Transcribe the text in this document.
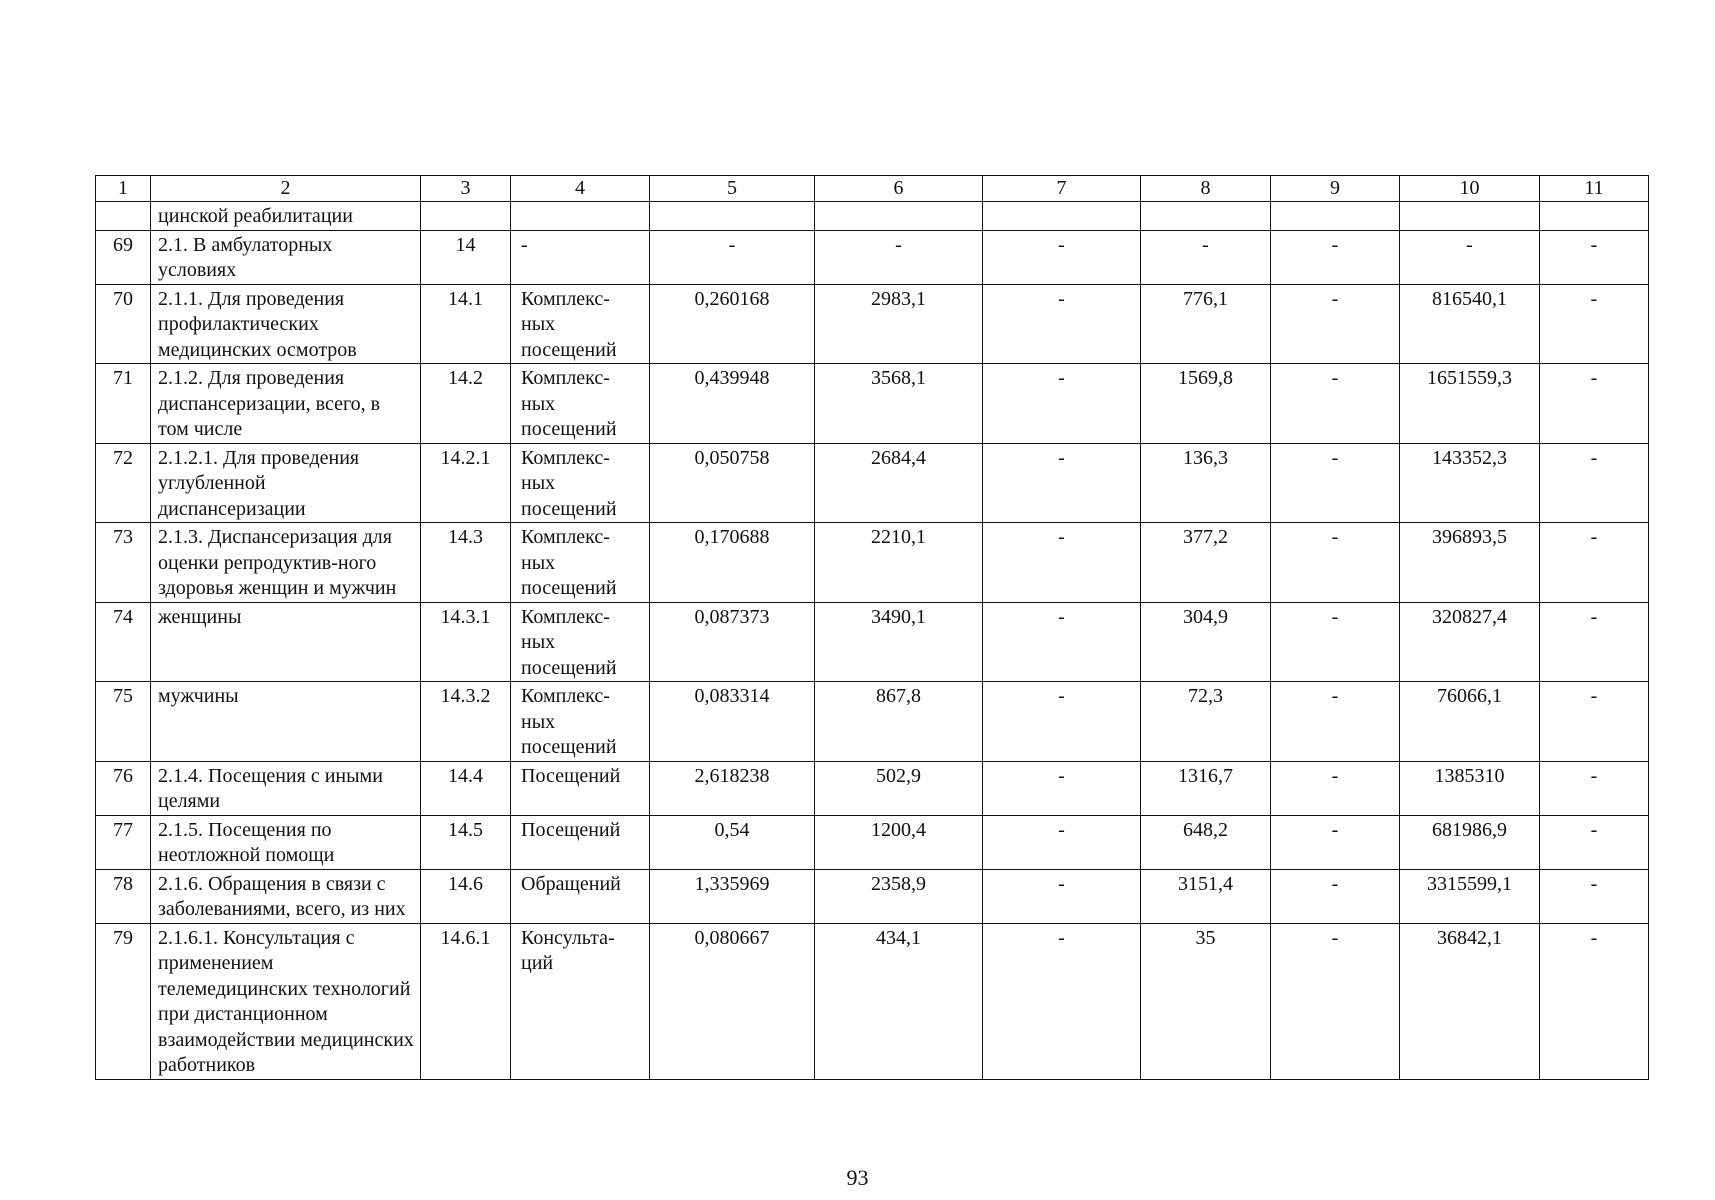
1	2	3	4	5	6	7	8	9	10	11
	цинской реабилитации									
69	2.1. В амбулаторных условиях	14	-	-	-	-	-	-	-	-
70	2.1.1. Для проведения профилактических медицинских осмотров	14.1	Комплекс-ных посещений	0,260168	2983,1	-	776,1	-	816540,1	-
71	2.1.2. Для проведения диспансеризации, всего, в том числе	14.2	Комплекс-ных посещений	0,439948	3568,1	-	1569,8	-	1651559,3	-
72	2.1.2.1. Для проведения углубленной диспансеризации	14.2.1	Комплекс-ных посещений	0,050758	2684,4	-	136,3	-	143352,3	-
73	2.1.3. Диспансеризация для оценки репродуктив-ного здоровья женщин и мужчин	14.3	Комплекс-ных посещений	0,170688	2210,1	-	377,2	-	396893,5	-
74	женщины	14.3.1	Комплекс-ных посещений	0,087373	3490,1	-	304,9	-	320827,4	-
75	мужчины	14.3.2	Комплекс-ных посещений	0,083314	867,8	-	72,3	-	76066,1	-
76	2.1.4. Посещения с иными целями	14.4	Посещений	2,618238	502,9	-	1316,7	-	1385310	-
77	2.1.5. Посещения по неотложной помощи	14.5	Посещений	0,54	1200,4	-	648,2	-	681986,9	-
78	2.1.6. Обращения в связи с заболеваниями, всего, из них	14.6	Обращений	1,335969	2358,9	-	3151,4	-	3315599,1	-
79	2.1.6.1. Консультация с применением телемедицинских технологий при дистанционном взаимодействии медицинских работников	14.6.1	Консульта-ций	0,080667	434,1	-	35	-	36842,1	-
93
